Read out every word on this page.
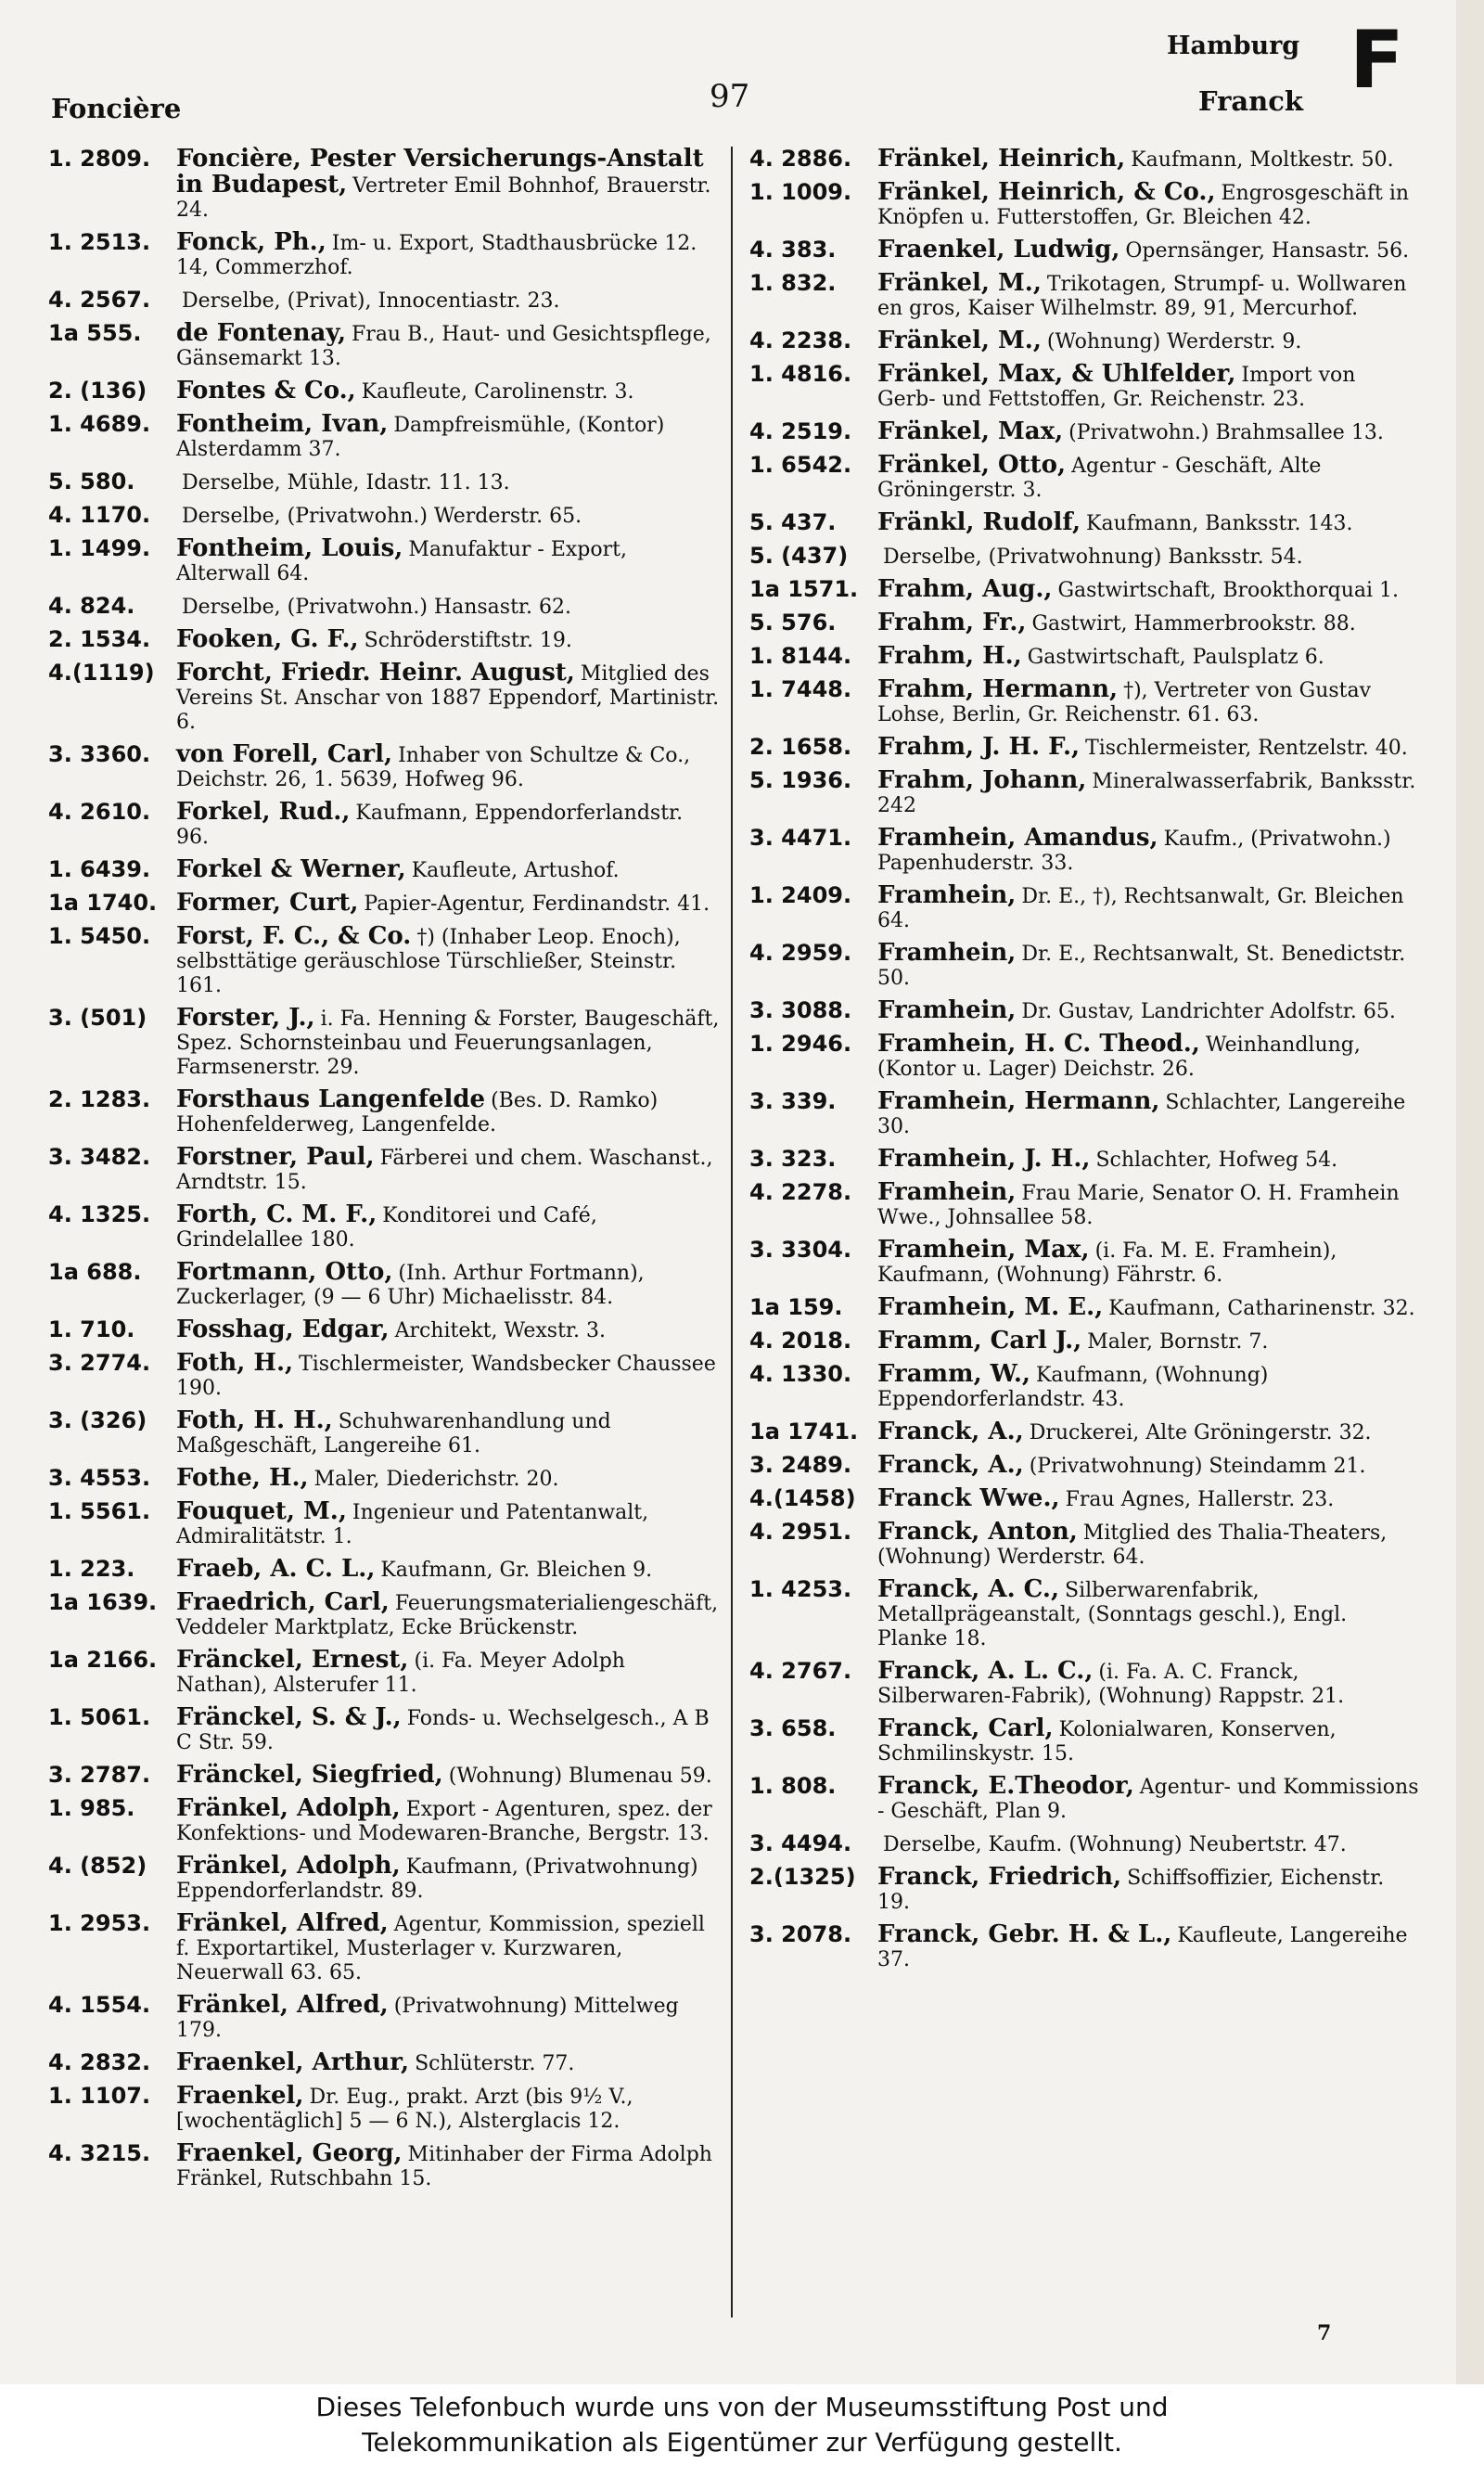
Foncière	97
Hamburg
Franck F
1. 2809.	Foncière, Pester Versicherungs-Anstalt in Budapest, Vertreter Emil Bohnhof, Brauerstr. 24.
1. 2513.	Fonck, Ph., Im- u. Export, Stadthausbrücke 12. 14, Commerzhof.
4. 2567.	Derselbe, (Privat), Innocentiastr. 23.
1a 555.	de Fontenay, Frau B., Haut- und Gesichtspflege, Gänsemarkt 13.
2. (136)	Fontes & Co., Kaufleute, Carolinenstr. 3.
1. 4689.	Fontheim, Ivan, Dampfreismühle, (Kontor) Alsterdamm 37.
5. 580.	Derselbe, Mühle, Idastr. 11. 13.
4. 1170.	Derselbe, (Privatwohn.) Werderstr. 65.
1. 1499.	Fontheim, Louis, Manufaktur - Export, Alterwall 64.
4. 824.	Derselbe, (Privatwohn.) Hansastr. 62.
2. 1534.	Fooken, G. F., Schröderstiftstr. 19.
4.(1119) Forcht, Friedr. Heinr. August, Mitglied des Vereins St. Anschar von 1887 Eppendorf, Martinistr. 6.
3. 3360.	von Forell, Carl, Inhaber von Schultze & Co., Deichstr. 26, 1. 5639, Hofweg 96.
4. 2610.	Forkel, Rud., Kaufmann, Eppendorferlandstr. 96.
1. 6439.	Forkel & Werner, Kaufleute, Artushof.
1a 1740. Former, Curt, Papier-Agentur, Ferdinandstr. 41.
1. 5450.	Forst, F. C., & Co. †) (Inhaber Leop. Enoch), selbsttätige geräuschlose Türschließer, Steinstr. 161.
3. (501)	Forster, J., i. Fa. Henning & Forster, Baugeschäft, Spez. Schornsteinbau und Feuerungsanlagen, Farmsenerstr. 29.
2. 1283.	Forsthaus Langenfelde (Bes. D. Ramko) Hohenfelderweg, Langenfelde.
3. 3482.	Forstner, Paul, Färberei und chem. Waschanst., Arndtstr. 15.
4. 1325.	Forth, C. M. F., Konditorei und Café, Grindelallee 180.
1a 688.	Fortmann, Otto, (Inh. Arthur Fortmann), Zuckerlager, (9 — 6 Uhr) Michaelisstr. 84.
1. 710.	Fosshag, Edgar, Architekt, Wexstr. 3.
3. 2774.	Foth, H., Tischlermeister, Wandsbecker Chaussee 190.
3. (326)	Foth, H. H., Schuhwarenhandlung und Maßgeschäft, Langereihe 61.
3. 4553.	Fothe, H., Maler, Diederichstr. 20.
1. 5561.	Fouquet, M., Ingenieur und Patentanwalt, Admiralitätstr. 1.
1. 223.	Fraeb, A. C. L., Kaufmann, Gr. Bleichen 9.
1a 1639. Fraedrich, Carl, Feuerungsmaterialiengeschäft, Veddeler Marktplatz, Ecke Brückenstr.
1a 2166. Fränckel, Ernest, (i. Fa. Meyer Adolph Nathan), Alsterufer 11.
1. 5061.	Fränckel, S. & J., Fonds- u. Wechselgesch., A B C Str. 59.
3. 2787.	Fränckel, Siegfried, (Wohnung) Blumenau 59.
1. 985.	Fränkel, Adolph, Export - Agenturen, spez. der Konfektions- und Modewaren-Branche, Bergstr. 13.
4. (852)	Fränkel, Adolph, Kaufmann, (Privatwohnung) Eppendorferlandstr. 89.
1. 2953.	Fränkel, Alfred, Agentur, Kommission, speziell f. Exportartikel, Musterlager v. Kurzwaren, Neuerwall 63. 65.
4. 1554.	Fränkel, Alfred, (Privatwohnung) Mittelweg 179.
4. 2832.	Fraenkel, Arthur, Schlüterstr. 77.
1. 1107.	Fraenkel, Dr. Eug., prakt. Arzt (bis 9½ V., [wochentäglich] 5 — 6 N.), Alsterglacis 12.
4. 3215.	Fraenkel, Georg, Mitinhaber der Firma Adolph Fränkel, Rutschbahn 15.
4. 2886.	Fränkel, Heinrich, Kaufmann, Moltkestr. 50.
1. 1009.	Fränkel, Heinrich, & Co., Engrosgeschäft in Knöpfen u. Futterstoffen, Gr. Bleichen 42.
4. 383.	Fraenkel, Ludwig, Opernsänger, Hansastr. 56.
1. 832.	Fränkel, M., Trikotagen, Strumpf- u. Wollwaren en gros, Kaiser Wilhelmstr. 89, 91, Mercurhof.
4. 2238.	Fränkel, M., (Wohnung) Werderstr. 9.
1. 4816.	Fränkel, Max, & Uhlfelder, Import von Gerb- und Fettstoffen, Gr. Reichenstr. 23.
4. 2519.	Fränkel, Max, (Privatwohn.) Brahmsallee 13.
1. 6542.	Fränkel, Otto, Agentur - Geschäft, Alte Gröningerstr. 3.
5. 437.	Fränkl, Rudolf, Kaufmann, Banksstr. 143.
5. (437)	Derselbe, (Privatwohnung) Banksstr. 54.
1a 1571. Frahm, Aug., Gastwirtschaft, Brookthorquai 1.
5. 576.	Frahm, Fr., Gastwirt, Hammerbrookstr. 88.
1. 8144.	Frahm, H., Gastwirtschaft, Paulsplatz 6.
1. 7448.	Frahm, Hermann, †), Vertreter von Gustav Lohse, Berlin, Gr. Reichenstr. 61. 63.
2. 1658.	Frahm, J. H. F., Tischlermeister, Rentzelstr. 40.
5. 1936.	Frahm, Johann, Mineralwasserfabrik, Banksstr. 242
3. 4471.	Framhein, Amandus, Kaufm., (Privatwohn.) Papenhuderstr. 33.
1. 2409.	Framhein, Dr. E., †), Rechtsanwalt, Gr. Bleichen 64.
4. 2959.	Framhein, Dr. E., Rechtsanwalt, St. Benedictstr. 50.
3. 3088.	Framhein, Dr. Gustav, Landrichter Adolfstr. 65.
1. 2946.	Framhein, H. C. Theod., Weinhandlung, (Kontor u. Lager) Deichstr. 26.
3. 339.	Framhein, Hermann, Schlachter, Langereihe 30.
3. 323.	Framhein, J. H., Schlachter, Hofweg 54.
4. 2278.	Framhein, Frau Marie, Senator O. H. Framhein Wwe., Johnsallee 58.
3. 3304.	Framhein, Max, (i. Fa. M. E. Framhein), Kaufmann, (Wohnung) Fährstr. 6.
1a 159.	Framhein, M. E., Kaufmann, Catharinenstr. 32.
4. 2018.	Framm, Carl J., Maler, Bornstr. 7.
4. 1330.	Framm, W., Kaufmann, (Wohnung) Eppendorferlandstr. 43.
1a 1741. Franck, A., Druckerei, Alte Gröningerstr. 32.
3. 2489.	Franck, A., (Privatwohnung) Steindamm 21.
4.(1458) Franck Wwe., Frau Agnes, Hallerstr. 23.
4. 2951.	Franck, Anton, Mitglied des Thalia-Theaters, (Wohnung) Werderstr. 64.
1. 4253.	Franck, A. C., Silberwarenfabrik, Metallprägeanstalt, (Sonntags geschl.), Engl. Planke 18.
4. 2767.	Franck, A. L. C., (i. Fa. A. C. Franck, Silberwaren-Fabrik), (Wohnung) Rappstr. 21.
3. 658.	Franck, Carl, Kolonialwaren, Konserven, Schmilinskystr. 15.
1. 808.	Franck, E.Theodor, Agentur- und Kommissions - Geschäft, Plan 9.
3. 4494.	Derselbe, Kaufm. (Wohnung) Neubertstr. 47.
2.(1325) Franck, Friedrich, Schiffsoffizier, Eichenstr. 19.
3. 2078.	Franck, Gebr. H. & L., Kaufleute, Langereihe 37.
7
Dieses Telefonbuch wurde uns von der Museumsstiftung Post und
Telekommunikation als Eigentümer zur Verfügung gestellt.
